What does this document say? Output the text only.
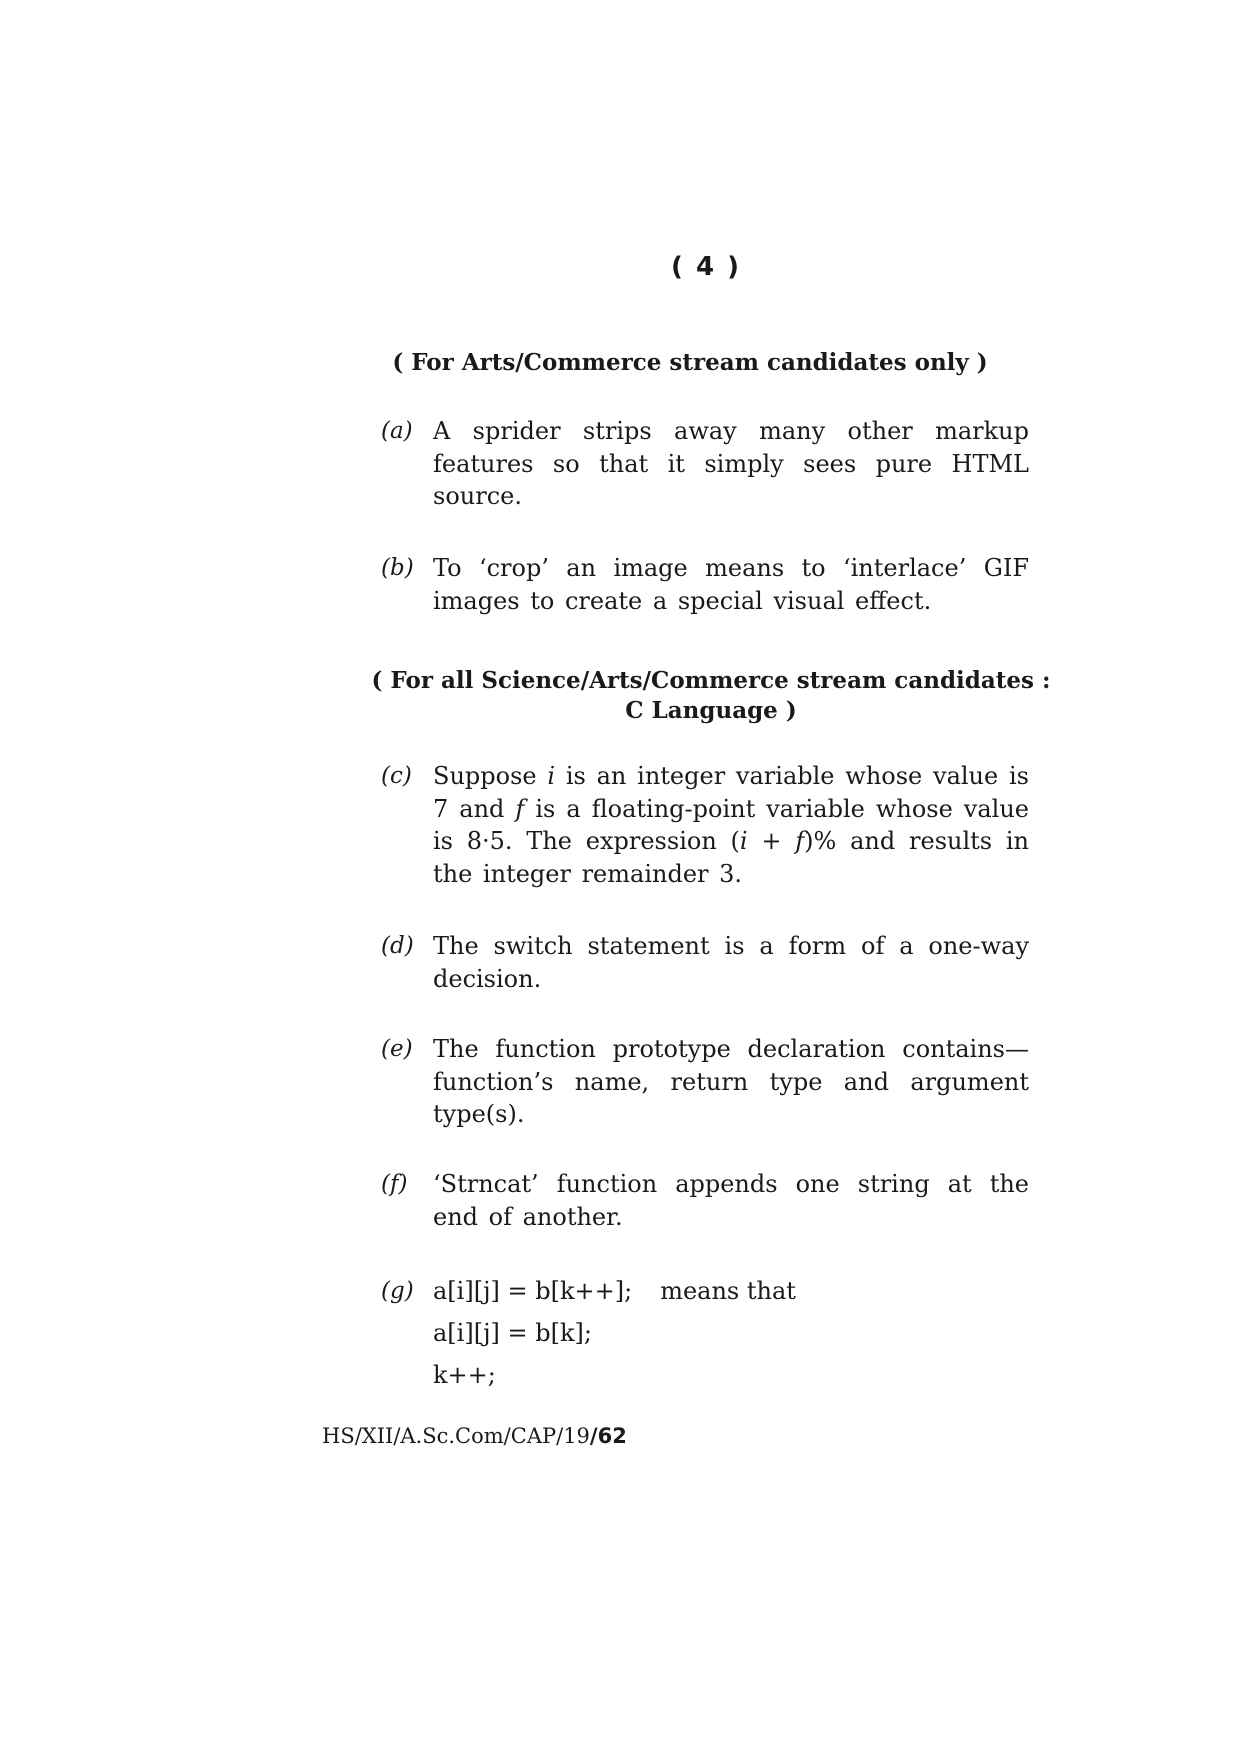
( 4 )
( For Arts/Commerce stream candidates only )
(a) A sprider strips away many other markup features so that it simply sees pure HTML source.
(b) To ‘crop’ an image means to ‘interlace’ GIF images to create a special visual effect.
( For all Science/Arts/Commerce stream candidates :
C Language )
(c) Suppose i is an integer variable whose value is 7 and f is a floating-point variable whose value is 8·5. The expression (i + f)% and results in the integer remainder 3.
(d) The switch statement is a form of a one-way decision.
(e) The function prototype declaration contains—function’s name, return type and argument type(s).
(f) ‘Strncat’ function appends one string at the end of another.
(g) a[i][j] = b[k++]; means that
a[i][j] = b[k];
k++;
HS/XII/A.Sc.Com/CAP/19/62
